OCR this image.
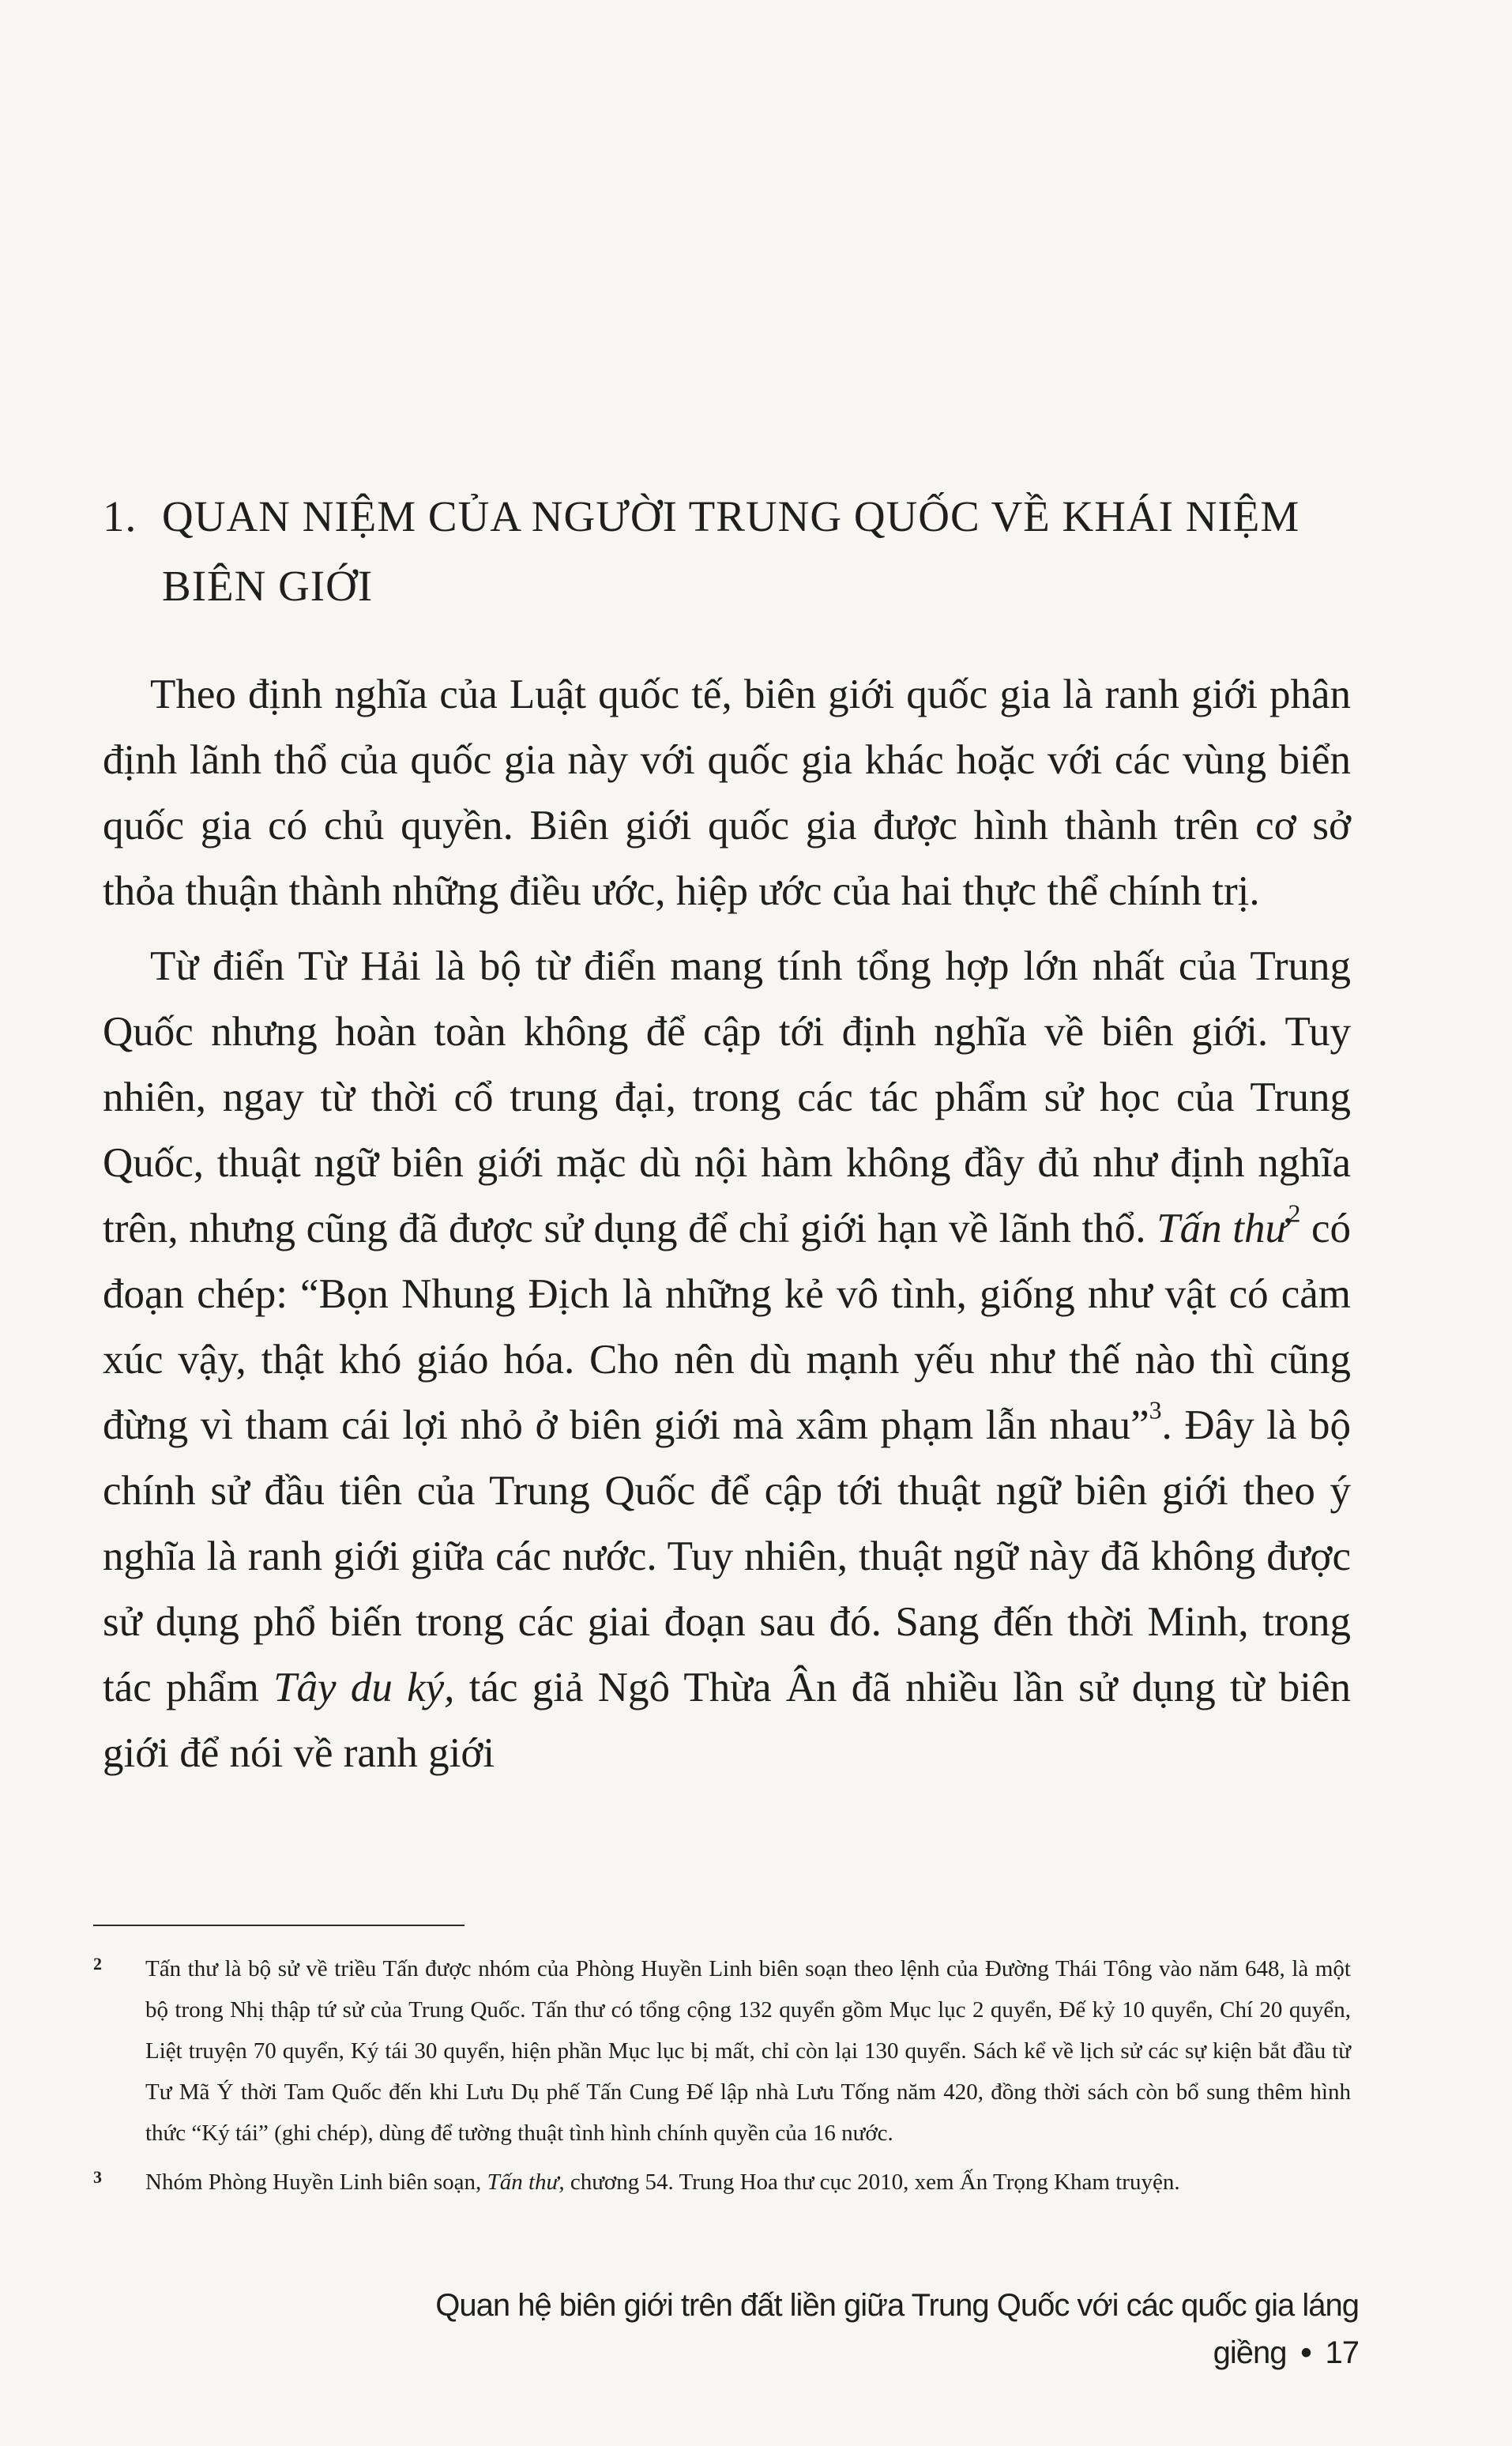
1. QUAN NIỆM CỦA NGƯỜI TRUNG QUỐC VỀ KHÁI NIỆM
BIÊN GIỚI

Theo định nghĩa của Luật quốc tế, biên giới quốc gia là ranh giới phân định lãnh thổ của quốc gia này với quốc gia khác hoặc với các vùng biển quốc gia có chủ quyền. Biên giới quốc gia được hình thành trên cơ sở thỏa thuận thành những điều ước, hiệp ước của hai thực thể chính trị.

Từ điển Từ Hải là bộ từ điển mang tính tổng hợp lớn nhất của Trung Quốc nhưng hoàn toàn không để cập tới định nghĩa về biên giới. Tuy nhiên, ngay từ thời cổ trung đại, trong các tác phẩm sử học của Trung Quốc, thuật ngữ biên giới mặc dù nội hàm không đầy đủ như định nghĩa trên, nhưng cũng đã được sử dụng để chỉ giới hạn về lãnh thổ. Tấn thư$^2$ có đoạn chép: “Bọn Nhung Địch là những kẻ vô tình, giống như vật có cảm xúc vậy, thật khó giáo hóa. Cho nên dù mạnh yếu như thế nào thì cũng đừng vì tham cái lợi nhỏ ở biên giới mà xâm phạm lẫn nhau”$^3$. Đây là bộ chính sử đầu tiên của Trung Quốc để cập tới thuật ngữ biên giới theo ý nghĩa là ranh giới giữa các nước. Tuy nhiên, thuật ngữ này đã không được sử dụng phổ biến trong các giai đoạn sau đó. Sang đến thời Minh, trong tác phẩm Tây du ký, tác giả Ngô Thừa Ân đã nhiều lần sử dụng từ biên giới để nói về ranh giới

2	Tấn thư là bộ sử về triều Tấn được nhóm của Phòng Huyền Linh biên soạn theo lệnh của Đường Thái Tông vào năm 648, là một bộ trong Nhị thập tứ sử của Trung Quốc. Tấn thư có tổng cộng 132 quyển gồm Mục lục 2 quyển, Đế kỷ 10 quyển, Chí 20 quyển, Liệt truyện 70 quyển, Ký tái 30 quyển, hiện phần Mục lục bị mất, chỉ còn lại 130 quyển. Sách kể về lịch sử các sự kiện bắt đầu từ Tư Mã Ý thời Tam Quốc đến khi Lưu Dụ phế Tấn Cung Đế lập nhà Lưu Tống năm 420, đồng thời sách còn bổ sung thêm hình thức “Ký tái” (ghi chép), dùng để tường thuật tình hình chính quyền của 16 nước.
3	Nhóm Phòng Huyền Linh biên soạn, Tấn thư, chương 54. Trung Hoa thư cục 2010, xem Ấn Trọng Kham truyện.
Quan hệ biên giới trên đất liền giữa Trung Quốc với các quốc gia láng giềng • 17
